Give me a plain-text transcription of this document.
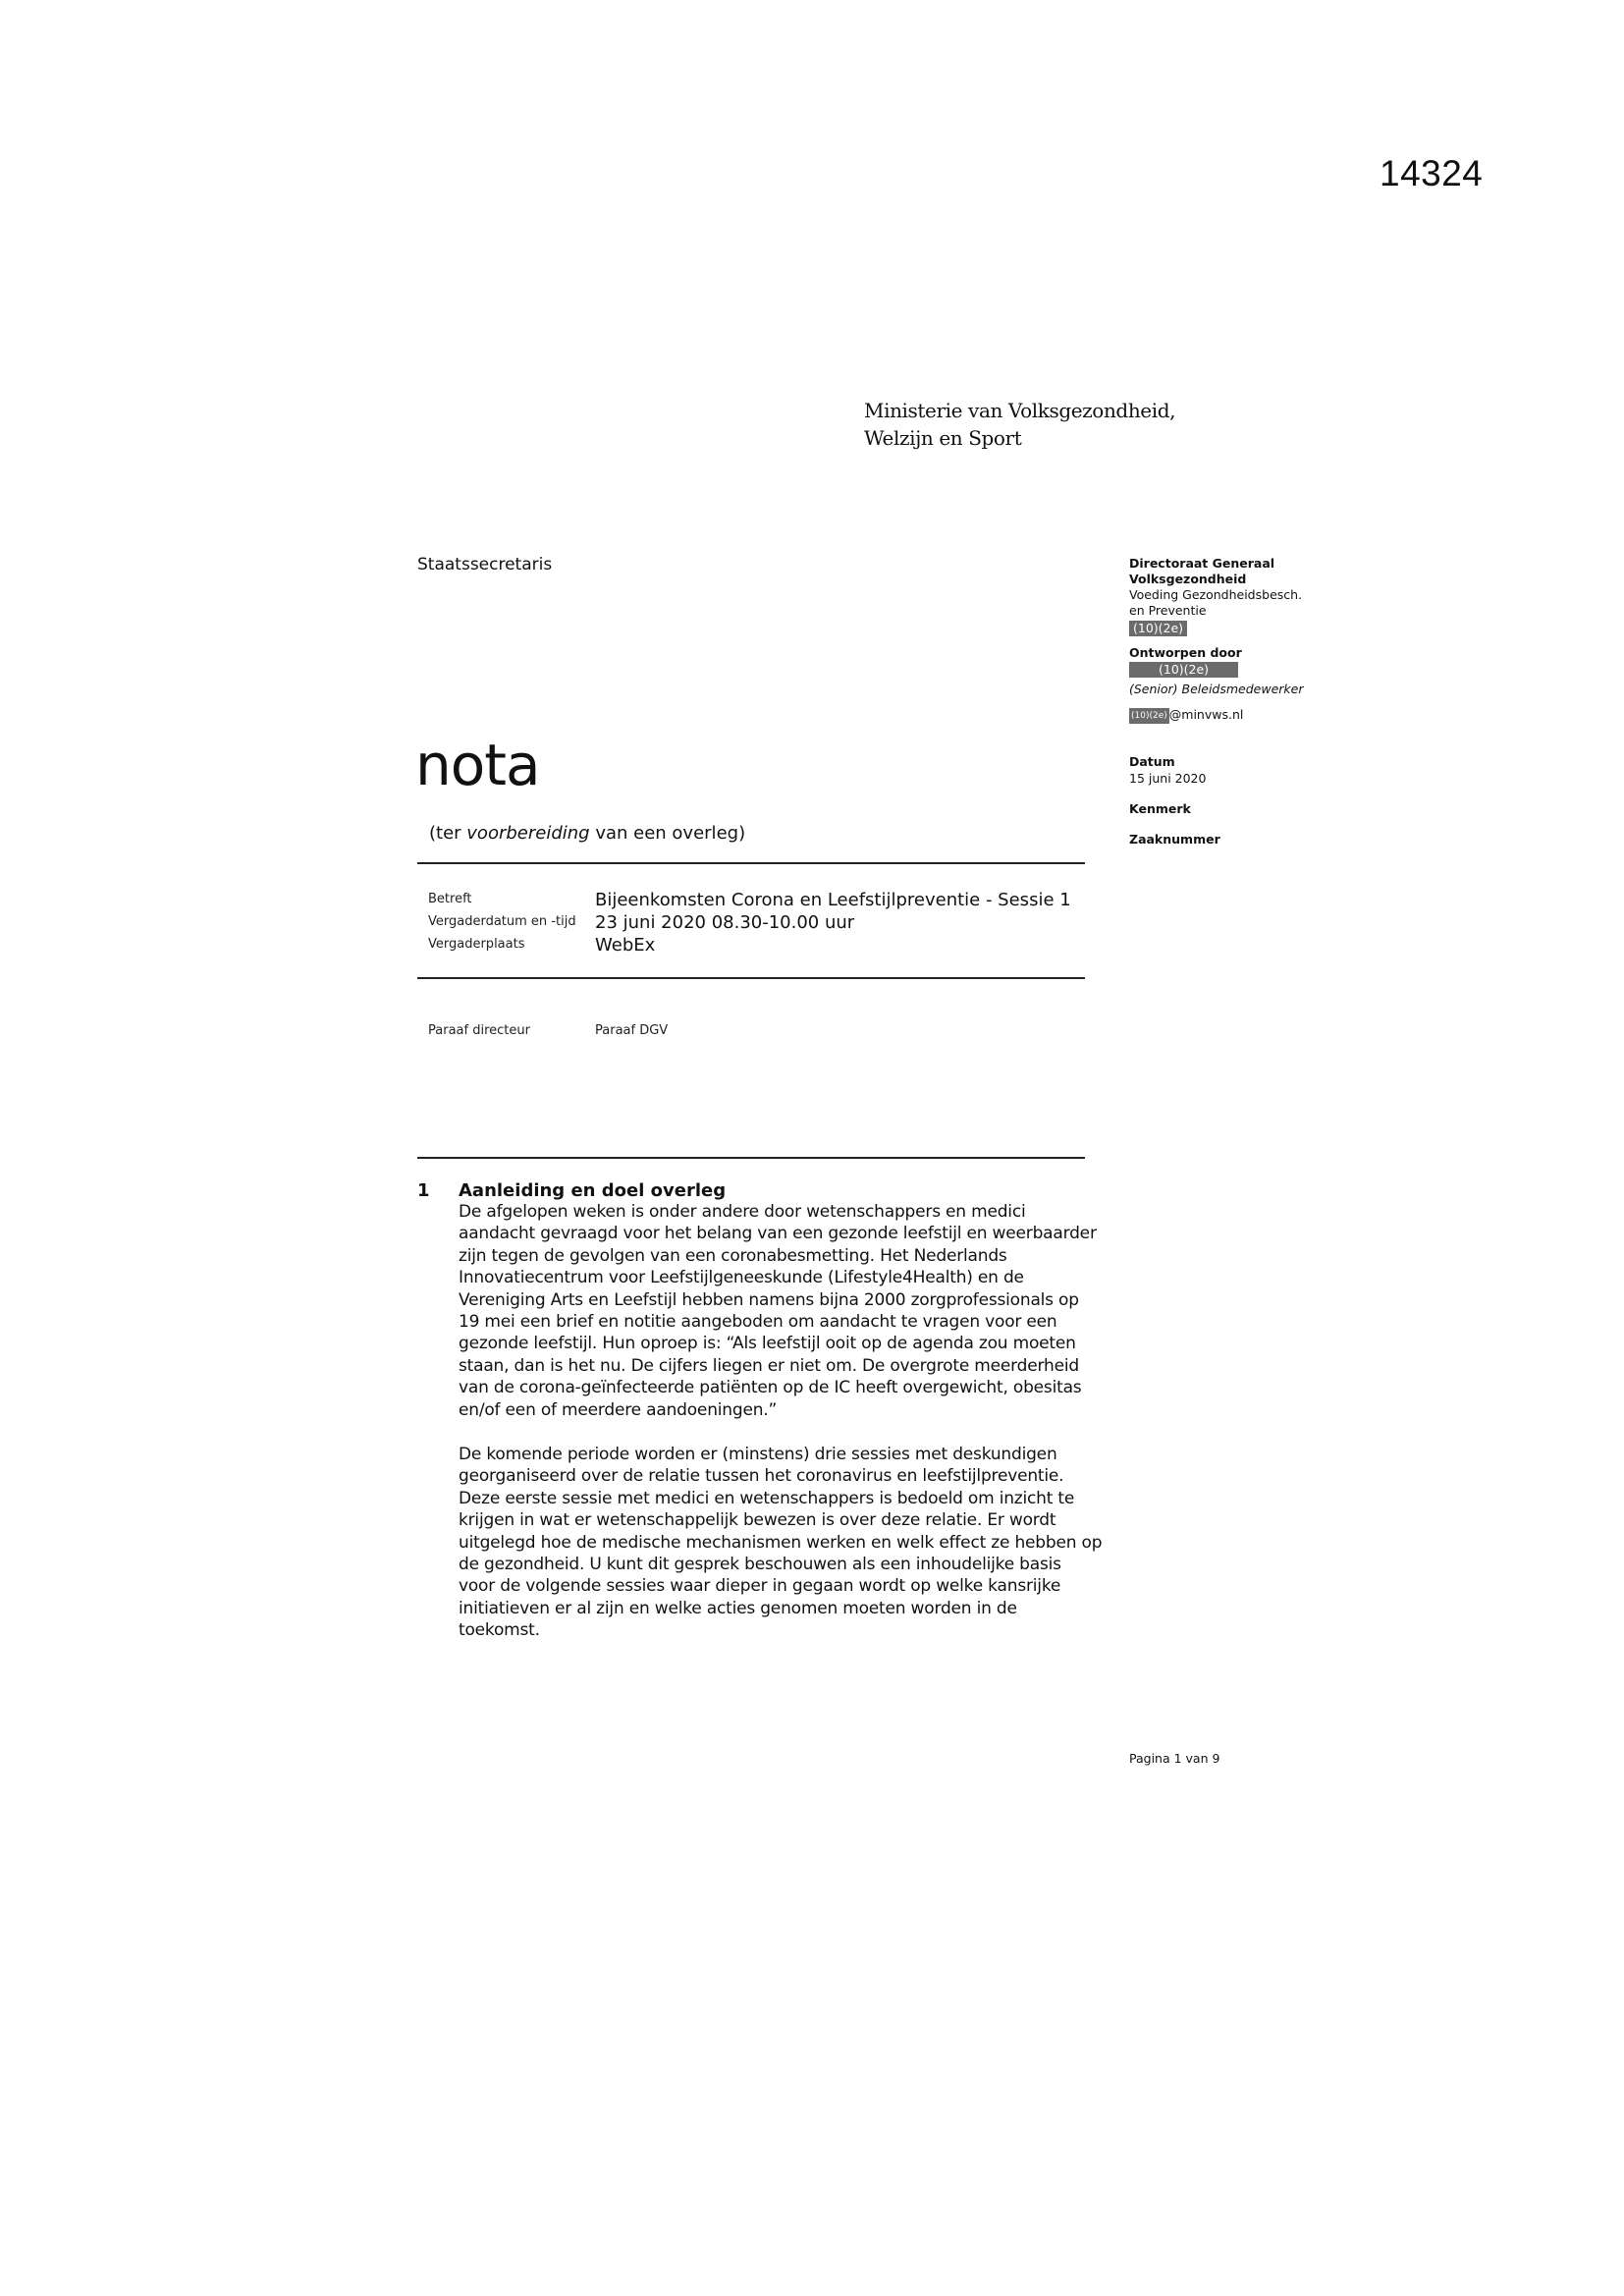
14324
Ministerie van Volksgezondheid,
Welzijn en Sport
Staatssecretaris
nota
(ter voorbereiding van een overleg)
Betreft	Bijeenkomsten Corona en Leefstijlpreventie - Sessie 1
Vergaderdatum en -tijd 23 juni 2020 08.30-10.00 uur
Vergaderplaats	WebEx
Paraaf directeur	Paraaf DGV
1 Aanleiding en doel overleg
De afgelopen weken is onder andere door wetenschappers en medici
aandacht gevraagd voor het belang van een gezonde leefstijl en weerbaarder
zijn tegen de gevolgen van een coronabesmetting. Het Nederlands
Innovatiecentrum voor Leefstijlgeneeskunde (Lifestyle4Health) en de
Vereniging Arts en Leefstijl hebben namens bijna 2000 zorgprofessionals op
19 mei een brief en notitie aangeboden om aandacht te vragen voor een
gezonde leefstijl. Hun oproep is: “Als leefstijl ooit op de agenda zou moeten
staan, dan is het nu. De cijfers liegen er niet om. De overgrote meerderheid
van de corona-geïnfecteerde patiënten op de IC heeft overgewicht, obesitas
en/of een of meerdere aandoeningen.”
De komende periode worden er (minstens) drie sessies met deskundigen
georganiseerd over de relatie tussen het coronavirus en leefstijlpreventie.
Deze eerste sessie met medici en wetenschappers is bedoeld om inzicht te
krijgen in wat er wetenschappelijk bewezen is over deze relatie. Er wordt
uitgelegd hoe de medische mechanismen werken en welk effect ze hebben op
de gezondheid. U kunt dit gesprek beschouwen als een inhoudelijke basis
voor de volgende sessies waar dieper in gegaan wordt op welke kansrijke
initiatieven er al zijn en welke acties genomen moeten worden in de
toekomst.
Directoraat Generaal
Volksgezondheid
Voeding Gezondheidsbesch.
en Preventie
(10)(2e)
Ontworpen door
(10)(2e)
(Senior) Beleidsmedewerker
(10)(2e) @minvws.nl
Datum
15 juni 2020
Kenmerk
Zaaknummer
Pagina 1 van 9
